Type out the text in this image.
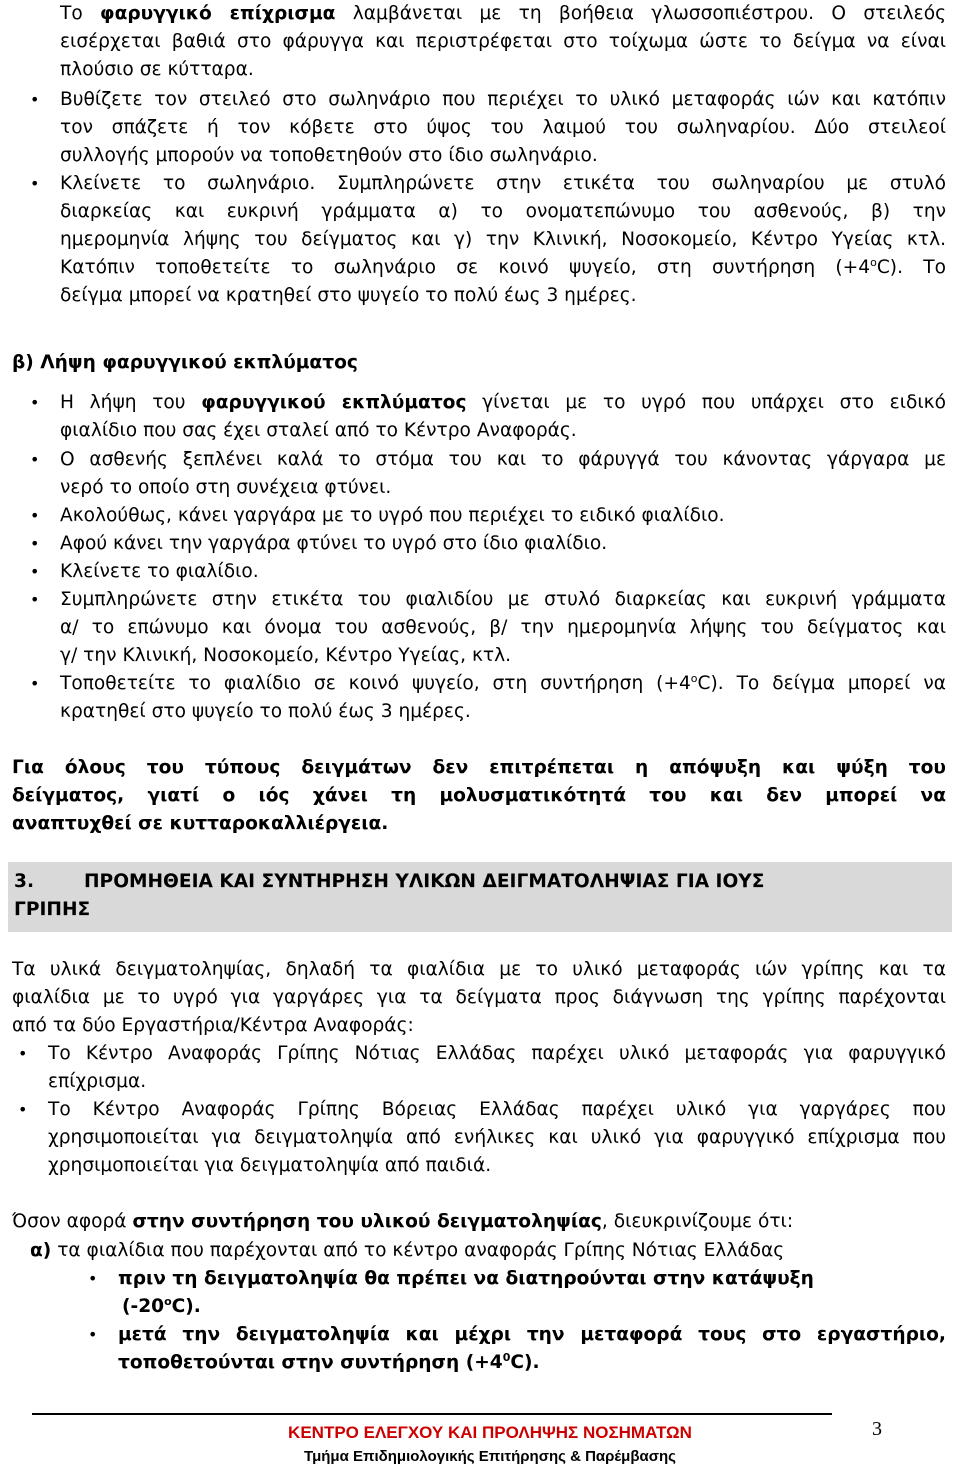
Το φαρυγγικό επίχρισμα λαμβάνεται με τη βοήθεια γλωσσοπιέστρου. Ο στειλεός
εισέρχεται βαθιά στο φάρυγγα και περιστρέφεται στο τοίχωμα ώστε το δείγμα να είναι
πλούσιο σε κύτταρα.
•
Βυθίζετε τον στειλεό στο σωληνάριο που περιέχει το υλικό μεταφοράς ιών και κατόπιν
τον σπάζετε ή τον κόβετε στο ύψος του λαιμού του σωληναρίου. Δύο στειλεοί
συλλογής μπορούν να τοποθετηθούν στο ίδιο σωληνάριο.
•
Κλείνετε το σωληνάριο. Συμπληρώνετε στην ετικέτα του σωληναρίου με στυλό
διαρκείας και ευκρινή γράμματα α) το ονοματεπώνυμο του ασθενούς, β) την
ημερομηνία λήψης του δείγματος και γ) την Κλινική, Νοσοκομείο, Κέντρο Υγείας κτλ.
Κατόπιν τοποθετείτε το σωληνάριο σε κοινό ψυγείο, στη συντήρηση $(+4^oC)$. Το
δείγμα μπορεί να κρατηθεί στο ψυγείο το πολύ έως 3 ημέρες.
β) Λήψη φαρυγγικού εκπλύματος
•
Η λήψη του φαρυγγικού εκπλύματος γίνεται με το υγρό που υπάρχει στο ειδικό
φιαλίδιο που σας έχει σταλεί από το Κέντρο Αναφοράς.
•
Ο ασθενής ξεπλένει καλά το στόμα του και το φάρυγγά του κάνοντας γάργαρα με
νερό το οποίο στη συνέχεια φτύνει.
•
Ακολούθως, κάνει γαργάρα με το υγρό που περιέχει το ειδικό φιαλίδιο.
•
Αφού κάνει την γαργάρα φτύνει το υγρό στο ίδιο φιαλίδιο.
•
Κλείνετε το φιαλίδιο.
•
Συμπληρώνετε στην ετικέτα του φιαλιδίου με στυλό διαρκείας και ευκρινή γράμματα
α/ το επώνυμο και όνομα του ασθενούς, β/ την ημερομηνία λήψης του δείγματος και
γ/ την Κλινική, Νοσοκομείο, Κέντρο Υγείας, κτλ.
•
Τοποθετείτε το φιαλίδιο σε κοινό ψυγείο, στη συντήρηση $(+4^oC)$. Το δείγμα μπορεί να
κρατηθεί στο ψυγείο το πολύ έως 3 ημέρες.
Για όλους του τύπους δειγμάτων δεν επιτρέπεται η απόψυξη και ψύξη του
δείγματος, γιατί ο ιός χάνει τη μολυσματικότητά του και δεν μπορεί να
αναπτυχθεί σε κυτταροκαλλιέργεια.
3.	ΠΡΟΜΗΘΕΙΑ ΚΑΙ ΣΥΝΤΗΡΗΣΗ ΥΛΙΚΩΝ ΔΕΙΓΜΑΤΟΛΗΨΙΑΣ ΓΙΑ ΙΟΥΣ
ΓΡΙΠΗΣ
Τα υλικά δειγματοληψίας, δηλαδή τα φιαλίδια με το υλικό μεταφοράς ιών γρίπης και τα
φιαλίδια με το υγρό για γαργάρες για τα δείγματα προς διάγνωση της γρίπης παρέχονται
από τα δύο Εργαστήρια/Κέντρα Αναφοράς:
•
Το Κέντρο Αναφοράς Γρίπης Νότιας Ελλάδας παρέχει υλικό μεταφοράς για φαρυγγικό
επίχρισμα.
•
Το Κέντρο Αναφοράς Γρίπης Βόρειας Ελλάδας παρέχει υλικό για γαργάρες που
χρησιμοποιείται για δειγματοληψία από ενήλικες και υλικό για φαρυγγικό επίχρισμα που
χρησιμοποιείται για δειγματοληψία από παιδιά.
Όσον αφορά στην συντήρηση του υλικού δειγματοληψίας, διευκρινίζουμε ότι:
α) τα φιαλίδια που παρέχονται από το κέντρο αναφοράς Γρίπης Νότιας Ελλάδας
•
πριν τη δειγματοληψία θα πρέπει να διατηρούνται στην κατάψυξη
$(-20^oC)$.
•
μετά την δειγματοληψία και μέχρι την μεταφορά τους στο εργαστήριο,
τοποθετούνται στην συντήρηση $(+4^0C)$.
3
ΚΕΝΤΡΟ ΕΛΕΓΧΟΥ ΚΑΙ ΠΡΟΛΗΨΗΣ ΝΟΣΗΜΑΤΩΝ
Τμήμα Επιδημιολογικής Επιτήρησης & Παρέμβασης
